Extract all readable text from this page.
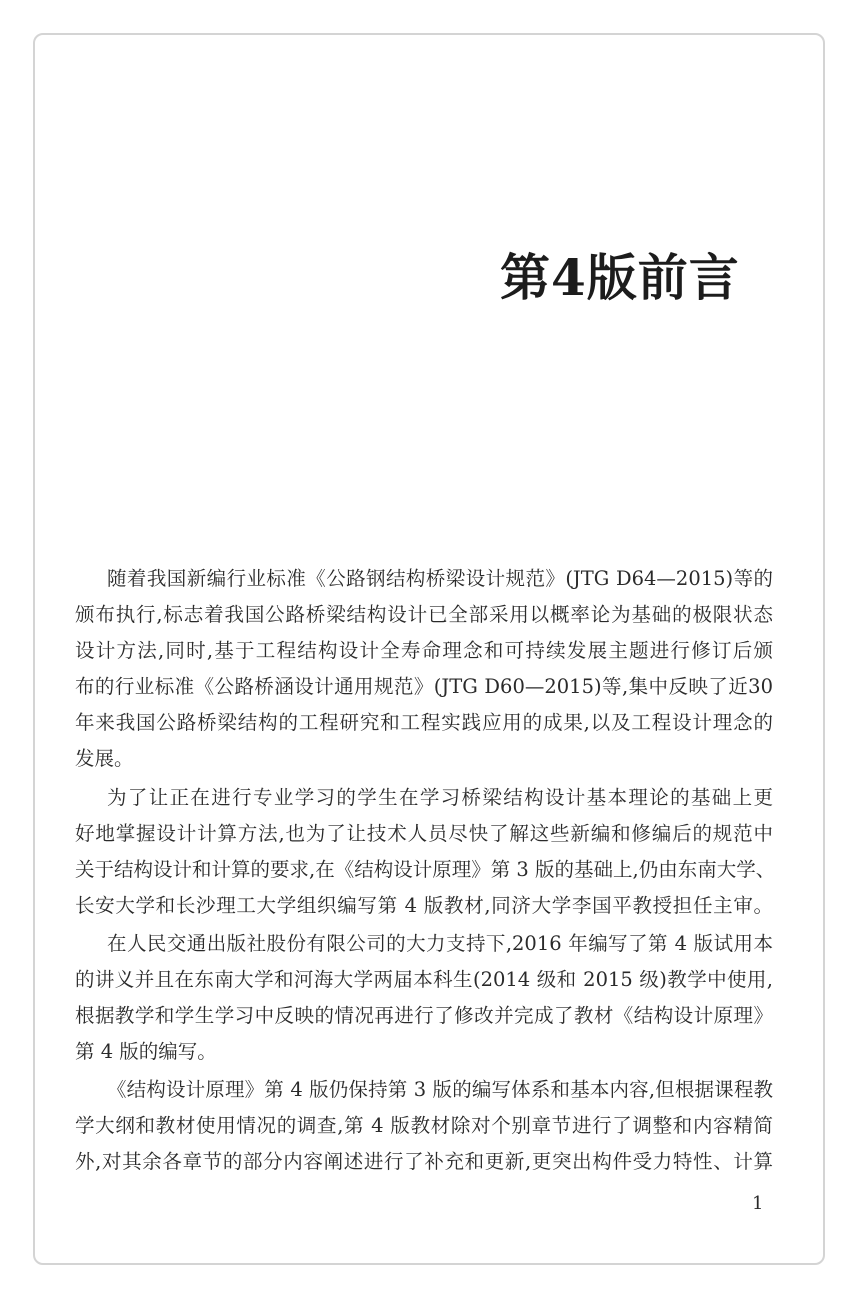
第4版前言
随着我国新编行业标准《公路钢结构桥梁设计规范》(JTG D64—2015)等的
颁布执行,标志着我国公路桥梁结构设计已全部采用以概率论为基础的极限状态
设计方法,同时,基于工程结构设计全寿命理念和可持续发展主题进行修订后颁
布的行业标准《公路桥涵设计通用规范》(JTG D60—2015)等,集中反映了近30
年来我国公路桥梁结构的工程研究和工程实践应用的成果,以及工程设计理念的
发展。
为了让正在进行专业学习的学生在学习桥梁结构设计基本理论的基础上更
好地掌握设计计算方法,也为了让技术人员尽快了解这些新编和修编后的规范中
关于结构设计和计算的要求,在《结构设计原理》第 3 版的基础上,仍由东南大学、
长安大学和长沙理工大学组织编写第 4 版教材,同济大学李国平教授担任主审。
在人民交通出版社股份有限公司的大力支持下,2016 年编写了第 4 版试用本
的讲义并且在东南大学和河海大学两届本科生(2014 级和 2015 级)教学中使用,
根据教学和学生学习中反映的情况再进行了修改并完成了教材《结构设计原理》
第 4 版的编写。
《结构设计原理》第 4 版仍保持第 3 版的编写体系和基本内容,但根据课程教
学大纲和教材使用情况的调查,第 4 版教材除对个别章节进行了调整和内容精简
外,对其余各章节的部分内容阐述进行了补充和更新,更突出构件受力特性、计算
1
